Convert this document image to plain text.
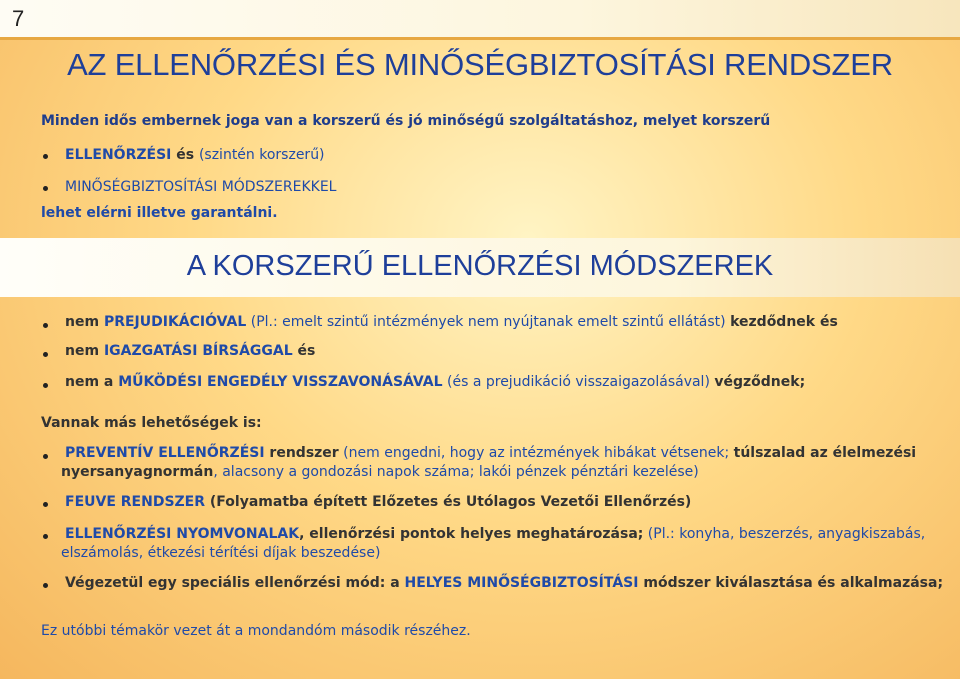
7
AZ ELLENŐRZÉSI ÉS MINŐSÉGBIZTOSÍTÁSI RENDSZER
Minden idős embernek joga van a korszerű és jó minőségű szolgáltatáshoz, melyet korszerű
ELLENŐRZÉSI és (szintén korszerű)
MINŐSÉGBIZTOSÍTÁSI MÓDSZEREKKEL
lehet elérni illetve garantálni.
A KORSZERŰ ELLENŐRZÉSI MÓDSZEREK
nem PREJUDIKÁCIÓVAL (Pl.: emelt szintű intézmények nem nyújtanak emelt szintű ellátást) kezdődnek és
nem IGAZGATÁSI BÍRSÁGGAL és
nem a MŰKÖDÉSI ENGEDÉLY VISSZAVONÁSÁVAL (és a prejudikáció visszaigazolásával) végződnek;
Vannak más lehetőségek is:
PREVENTÍV ELLENŐRZÉSI rendszer (nem engedni, hogy az intézmények hibákat vétsenek; túlszalad az élelmezési
nyersanyagnormán, alacsony a gondozási napok száma; lakói pénzek pénztári kezelése)
FEUVE RENDSZER (Folyamatba épített Előzetes és Utólagos Vezetői Ellenőrzés)
ELLENŐRZÉSI NYOMVONALAK, ellenőrzési pontok helyes meghatározása; (Pl.: konyha, beszerzés, anyagkiszabás,
elszámolás, étkezési térítési díjak beszedése)
Végezetül egy speciális ellenőrzési mód: a HELYES MINŐSÉGBIZTOSÍTÁSI módszer kiválasztása és alkalmazása;
Ez utóbbi témakör vezet át a mondandóm második részéhez.
